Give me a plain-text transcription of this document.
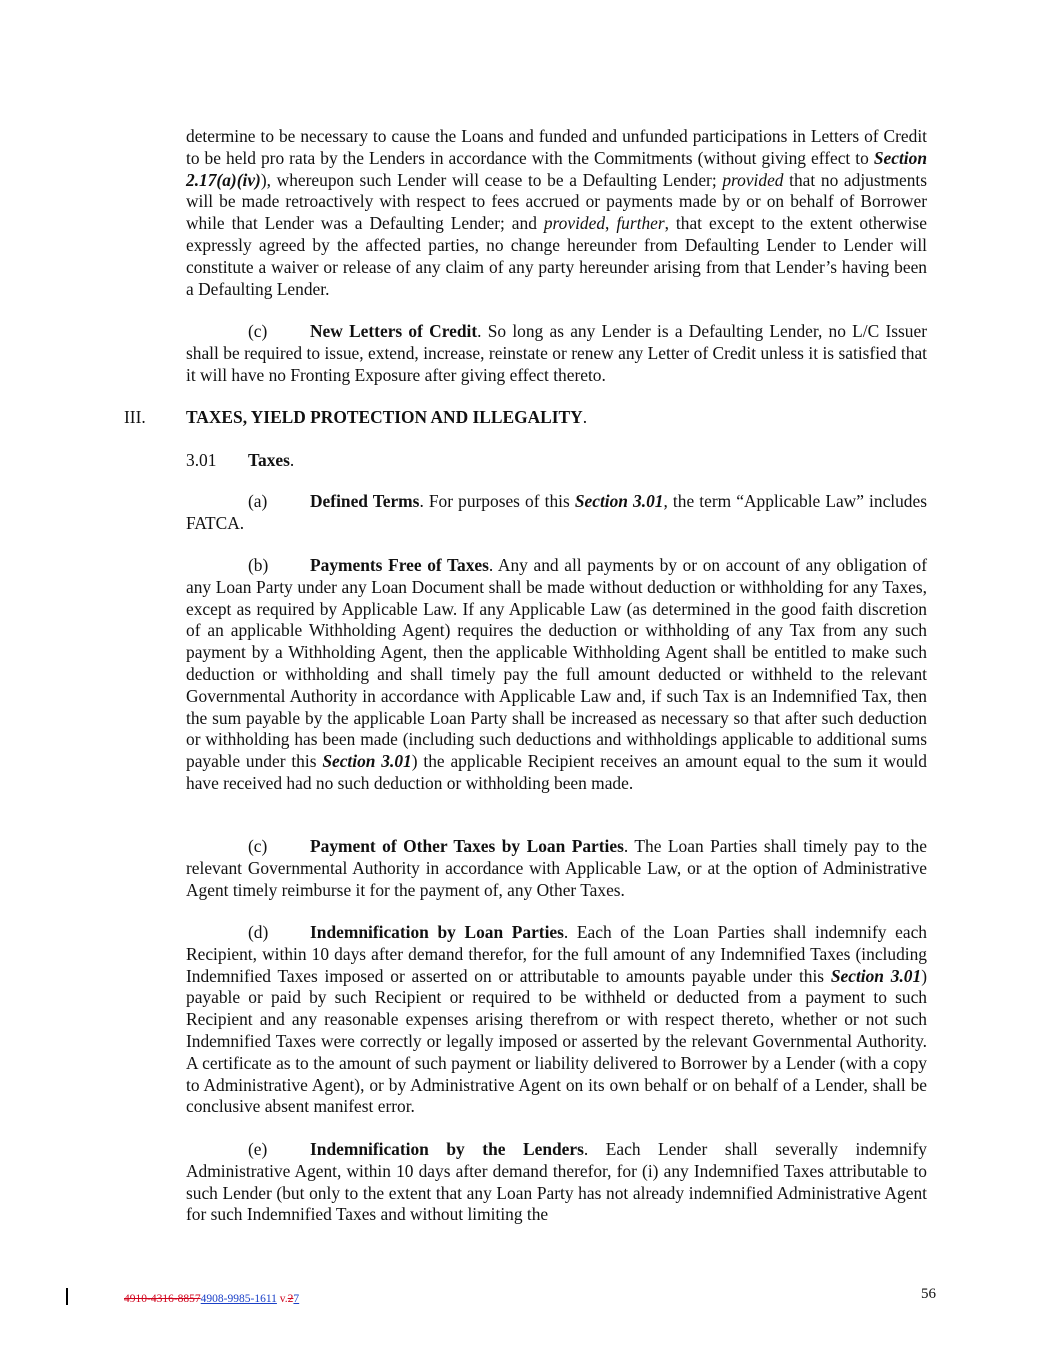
determine to be necessary to cause the Loans and funded and unfunded participations in Letters of Credit to be held pro rata by the Lenders in accordance with the Commitments (without giving effect to Section 2.17(a)(iv)), whereupon such Lender will cease to be a Defaulting Lender; provided that no adjustments will be made retroactively with respect to fees accrued or payments made by or on behalf of Borrower while that Lender was a Defaulting Lender; and provided, further, that except to the extent otherwise expressly agreed by the affected parties, no change hereunder from Defaulting Lender to Lender will constitute a waiver or release of any claim of any party hereunder arising from that Lender’s having been a Defaulting Lender.

(c) New Letters of Credit. So long as any Lender is a Defaulting Lender, no L/C Issuer shall be required to issue, extend, increase, reinstate or renew any Letter of Credit unless it is satisfied that it will have no Fronting Exposure after giving effect thereto.

III. TAXES, YIELD PROTECTION AND ILLEGALITY.
3.01 Taxes.

(a) Defined Terms. For purposes of this Section 3.01, the term “Applicable Law” includes FATCA.

(b) Payments Free of Taxes. Any and all payments by or on account of any obligation of any Loan Party under any Loan Document shall be made without deduction or withholding for any Taxes, except as required by Applicable Law. If any Applicable Law (as determined in the good faith discretion of an applicable Withholding Agent) requires the deduction or withholding of any Tax from any such payment by a Withholding Agent, then the applicable Withholding Agent shall be entitled to make such deduction or withholding and shall timely pay the full amount deducted or withheld to the relevant Governmental Authority in accordance with Applicable Law and, if such Tax is an Indemnified Tax, then the sum payable by the applicable Loan Party shall be increased as necessary so that after such deduction or withholding has been made (including such deductions and withholdings applicable to additional sums payable under this Section 3.01) the applicable Recipient receives an amount equal to the sum it would have received had no such deduction or withholding been made.

(c) Payment of Other Taxes by Loan Parties. The Loan Parties shall timely pay to the relevant Governmental Authority in accordance with Applicable Law, or at the option of Administrative Agent timely reimburse it for the payment of, any Other Taxes.

(d) Indemnification by Loan Parties. Each of the Loan Parties shall indemnify each Recipient, within 10 days after demand therefor, for the full amount of any Indemnified Taxes (including Indemnified Taxes imposed or asserted on or attributable to amounts payable under this Section 3.01) payable or paid by such Recipient or required to be withheld or deducted from a payment to such Recipient and any reasonable expenses arising therefrom or with respect thereto, whether or not such Indemnified Taxes were correctly or legally imposed or asserted by the relevant Governmental Authority. A certificate as to the amount of such payment or liability delivered to Borrower by a Lender (with a copy to Administrative Agent), or by Administrative Agent on its own behalf or on behalf of a Lender, shall be conclusive absent manifest error.

(e) Indemnification by the Lenders. Each Lender shall severally indemnify Administrative Agent, within 10 days after demand therefor, for (i) any Indemnified Taxes attributable to such Lender (but only to the extent that any Loan Party has not already indemnified Administrative Agent for such Indemnified Taxes and without limiting the

4910-4316-88574908-9985-1611 v.27	56
